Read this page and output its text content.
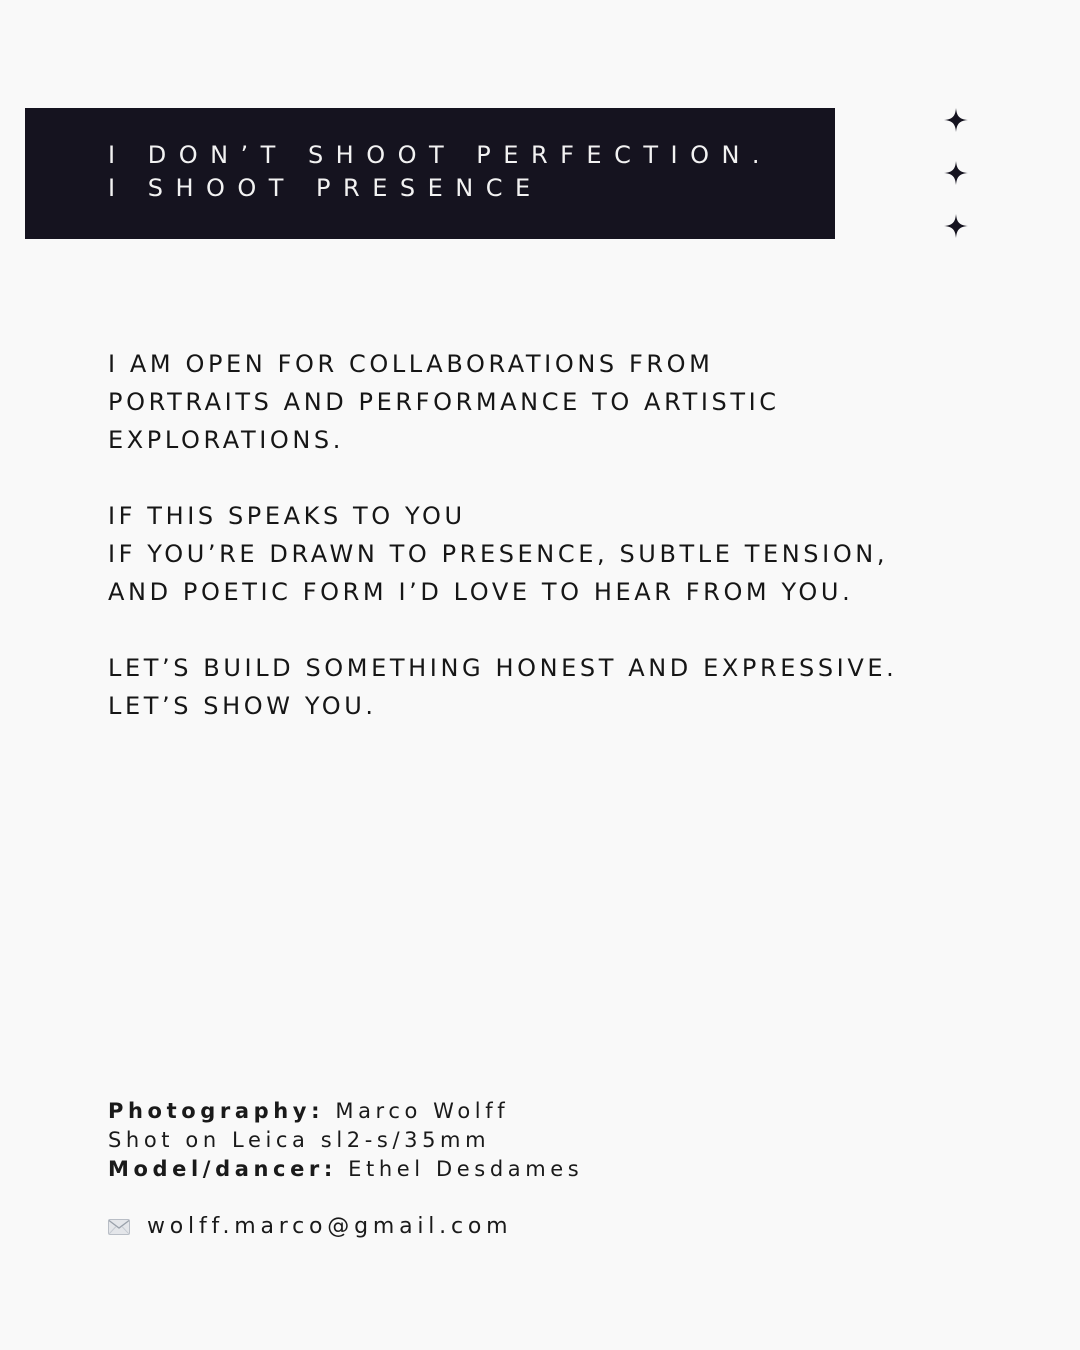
I DON’T SHOOT PERFECTION.
I SHOOT PRESENCE

I AM OPEN FOR COLLABORATIONS FROM
PORTRAITS AND PERFORMANCE TO ARTISTIC
EXPLORATIONS.

IF THIS SPEAKS TO YOU
IF YOU’RE DRAWN TO PRESENCE, SUBTLE TENSION,
AND POETIC FORM I’D LOVE TO HEAR FROM YOU.

LET’S BUILD SOMETHING HONEST AND EXPRESSIVE.
LET’S SHOW YOU.

Photography: Marco Wolff
Shot on Leica sl2-s/35mm
Model/dancer: Ethel Desdames
wolff.marco@gmail.com
